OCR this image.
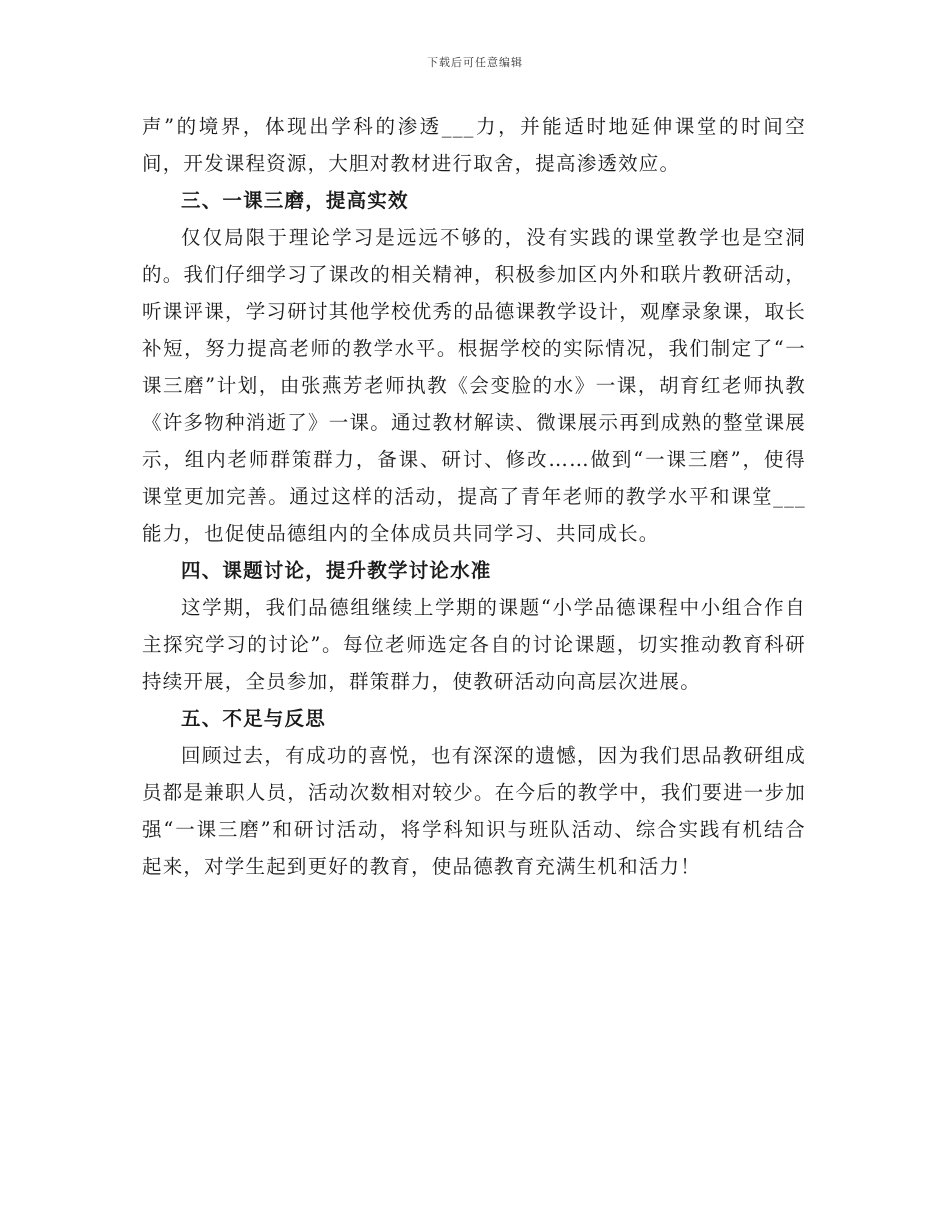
下载后可任意编辑

声”的境界，体现出学科的渗透___力，并能适时地延伸课堂的时间空间，开发课程资源，大胆对教材进行取舍，提高渗透效应。

三、一课三磨，提高实效

仅仅局限于理论学习是远远不够的，没有实践的课堂教学也是空洞的。我们仔细学习了课改的相关精神，积极参加区内外和联片教研活动，听课评课，学习研讨其他学校优秀的品德课教学设计，观摩录象课，取长补短，努力提高老师的教学水平。根据学校的实际情况，我们制定了“一课三磨”计划，由张燕芳老师执教《会变脸的水》一课，胡育红老师执教《许多物种消逝了》一课。通过教材解读、微课展示再到成熟的整堂课展示，组内老师群策群力，备课、研讨、修改……做到“一课三磨”，使得课堂更加完善。通过这样的活动，提高了青年老师的教学水平和课堂___能力，也促使品德组内的全体成员共同学习、共同成长。

四、课题讨论，提升教学讨论水准

这学期，我们品德组继续上学期的课题“小学品德课程中小组合作自主探究学习的讨论”。每位老师选定各自的讨论课题，切实推动教育科研持续开展，全员参加，群策群力，使教研活动向高层次进展。

五、不足与反思

回顾过去，有成功的喜悦，也有深深的遗憾，因为我们思品教研组成员都是兼职人员，活动次数相对较少。在今后的教学中，我们要进一步加强“一课三磨”和研讨活动，将学科知识与班队活动、综合实践有机结合起来，对学生起到更好的教育，使品德教育充满生机和活力！
